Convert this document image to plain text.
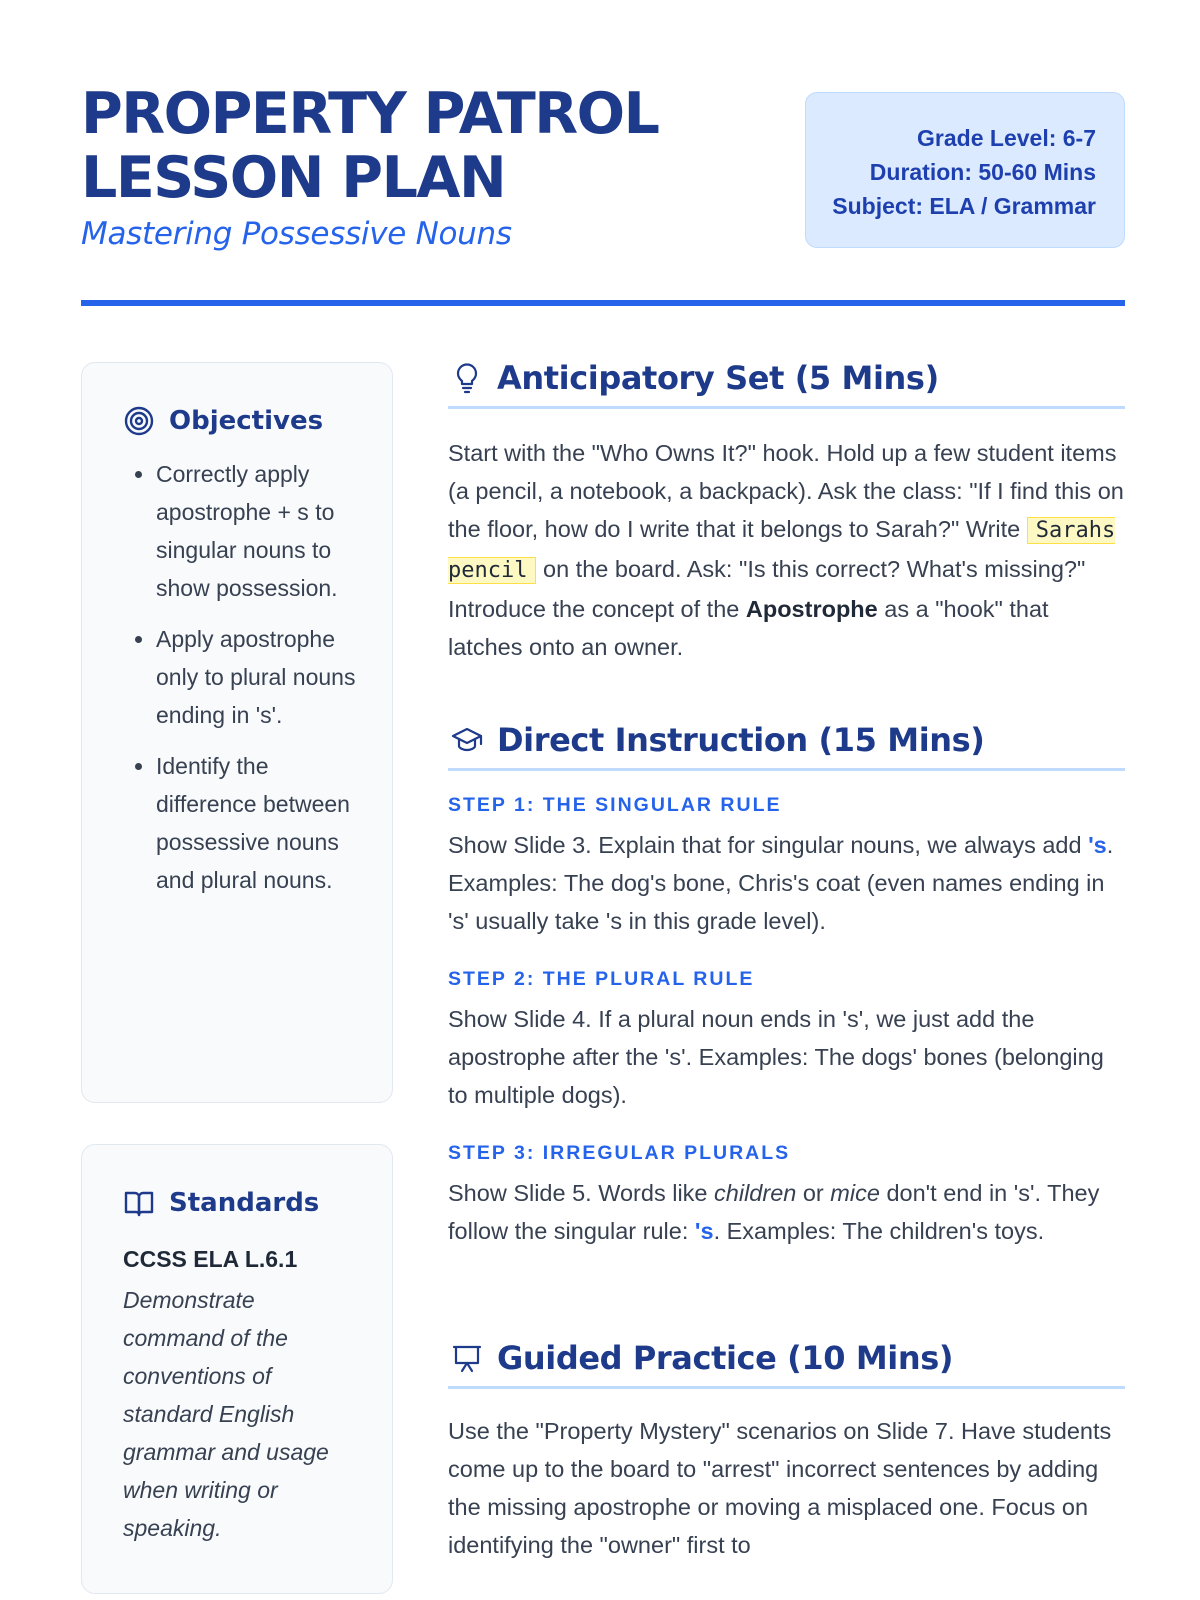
PROPERTY PATROL
LESSON PLAN
Mastering Possessive Nouns
Grade Level: 6-7
Duration: 50-60 Mins
Subject: ELA / Grammar
Objectives
• Correctly apply apostrophe + s to singular nouns to show possession.
• Apply apostrophe only to plural nouns ending in 's'.
• Identify the difference between possessive nouns and plural nouns.
Standards
CCSS ELA L.6.1
Demonstrate command of the conventions of standard English grammar and usage when writing or speaking.
Anticipatory Set (5 Mins)

Start with the "Who Owns It?" hook. Hold up a few student items (a pencil, a notebook, a backpack). Ask the class: "If I find this on the floor, how do I write that it belongs to Sarah?" Write Sarahs pencil on the board. Ask: "Is this correct? What's missing?" Introduce the concept of the Apostrophe as a "hook" that latches onto an owner.

Direct Instruction (15 Mins)
STEP 1: THE SINGULAR RULE

Show Slide 3. Explain that for singular nouns, we always add 's. Examples: The dog's bone, Chris's coat (even names ending in 's' usually take 's in this grade level).

STEP 2: THE PLURAL RULE

Show Slide 4. If a plural noun ends in 's', we just add the apostrophe after the 's'. Examples: The dogs' bones (belonging to multiple dogs).

STEP 3: IRREGULAR PLURALS

Show Slide 5. Words like children or mice don't end in 's'. They follow the singular rule: 's. Examples: The children's toys.

Guided Practice (10 Mins)

Use the "Property Mystery" scenarios on Slide 7. Have students come up to the board to "arrest" incorrect sentences by adding the missing apostrophe or moving a misplaced one. Focus on identifying the "owner" first to
